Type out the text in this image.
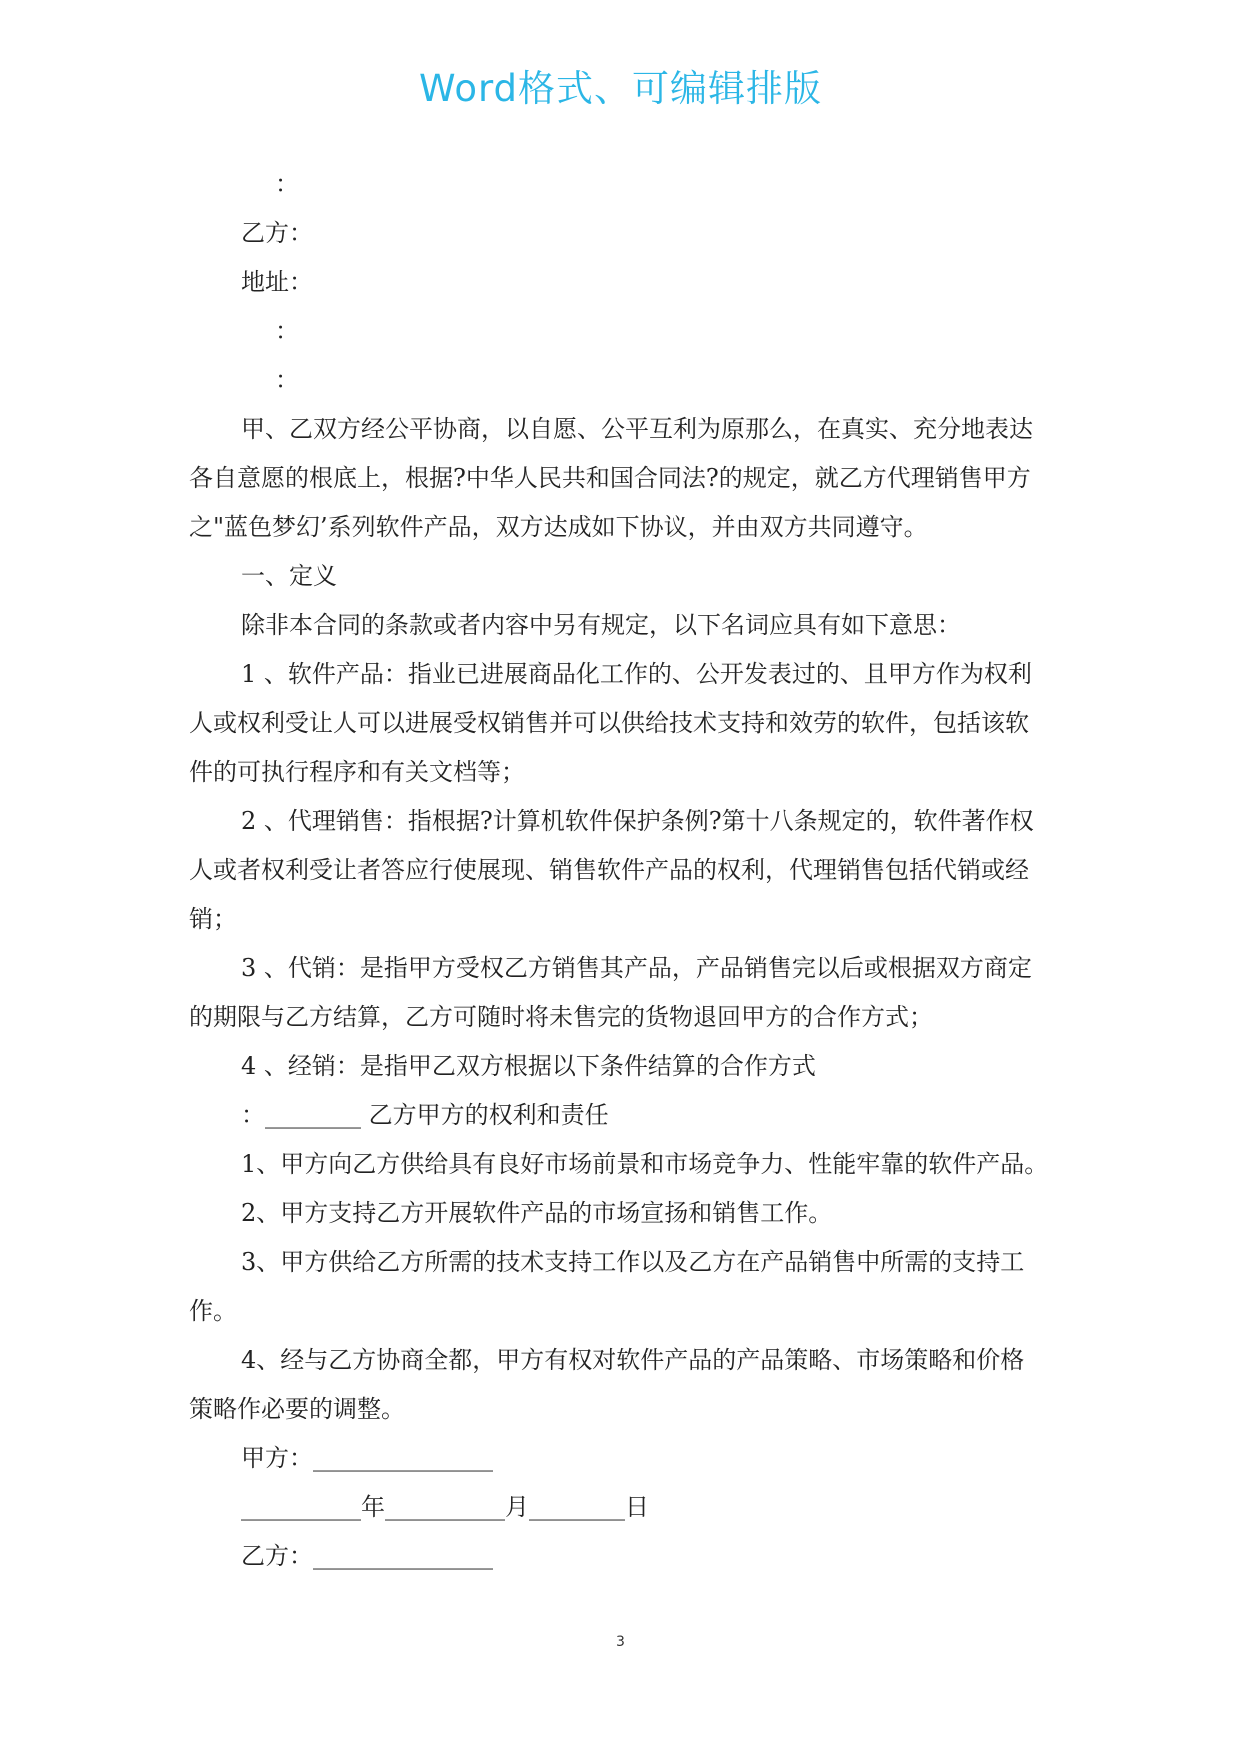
Word格式、可编辑排版
：
乙方：
地址：
：
：
甲、乙双方经公平协商，以自愿、公平互利为原那么，在真实、充分地表达
各自意愿的根底上，根据?中华人民共和国合同法?的规定，就乙方代理销售甲方
之"蓝色梦幻’系列软件产品，双方达成如下协议，并由双方共同遵守。
一、定义
除非本合同的条款或者内容中另有规定，以下名词应具有如下意思：
1 、软件产品：指业已进展商品化工作的、公开发表过的、且甲方作为权利
人或权利受让人可以进展受权销售并可以供给技术支持和效劳的软件，包括该软
件的可执行程序和有关文档等；
2 、代理销售：指根据?计算机软件保护条例?第十八条规定的，软件著作权
人或者权利受让者答应行使展现、销售软件产品的权利，代理销售包括代销或经
销；
3 、代销：是指甲方受权乙方销售其产品，产品销售完以后或根据双方商定
的期限与乙方结算，乙方可随时将未售完的货物退回甲方的合作方式；
4 、经销：是指甲乙双方根据以下条件结算的合作方式
：________ 乙方甲方的权利和责任
1、甲方向乙方供给具有良好市场前景和市场竞争力、性能牢靠的软件产品。
2、甲方支持乙方开展软件产品的市场宣扬和销售工作。
3、甲方供给乙方所需的技术支持工作以及乙方在产品销售中所需的支持工
作。
4、经与乙方协商全都，甲方有权对软件产品的产品策略、市场策略和价格
策略作必要的调整。
甲方：_______________
__________年__________月________日
乙方：_______________
3
